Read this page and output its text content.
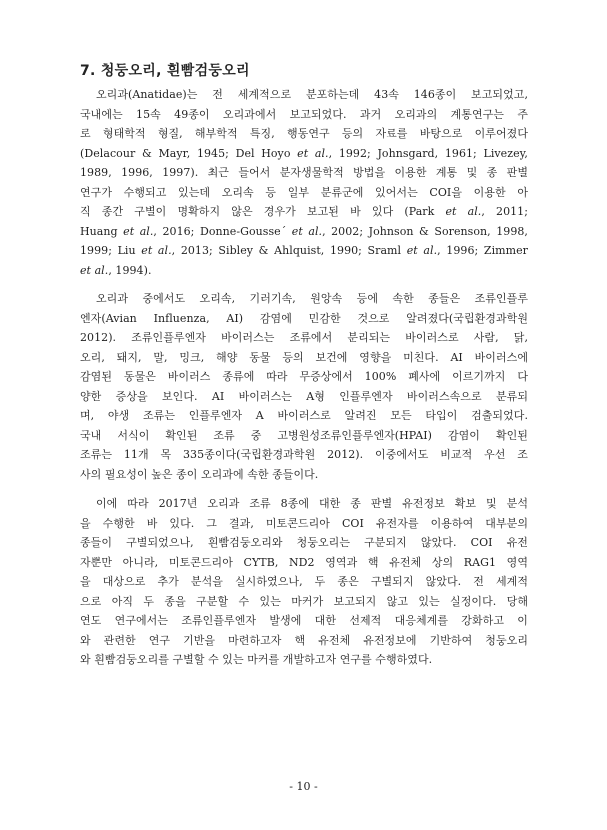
7. 청둥오리, 흰빰검둥오리
오리과(Anatidae)는 전 세계적으로 분포하는데 43속 146종이 보고되었고,
국내에는 15속 49종이 오리과에서 보고되었다. 과거 오리과의 계통연구는 주
로 형태학적 형질, 해부학적 특징, 행동연구 등의 자료를 바탕으로 이루어졌다
(Delacour & Mayr, 1945; Del Hoyo et al., 1992; Johnsgard, 1961; Livezey,
1989, 1996, 1997). 최근 들어서 분자생물학적 방법을 이용한 계통 및 종 판별
연구가 수행되고 있는데 오리속 등 일부 분류군에 있어서는 COI을 이용한 아
직 종간 구별이 명확하지 않은 경우가 보고된 바 있다 (Park et al., 2011;
Huang et al., 2016; Donne-Gousse´ et al., 2002; Johnson & Sorenson, 1998,
1999; Liu et al., 2013; Sibley & Ahlquist, 1990; Sraml et al., 1996; Zimmer
et al., 1994).
오리과 중에서도 오리속, 기러기속, 원앙속 등에 속한 종들은 조류인플루
엔자(Avian Influenza, AI) 감염에 민감한 것으로 알려졌다(국립환경과학원
2012). 조류인플루엔자 바이러스는 조류에서 분리되는 바이러스로 사람, 닭,
오리, 돼지, 말, 밍크, 해양 동물 등의 보건에 영향을 미친다. AI 바이러스에
감염된 동물은 바이러스 종류에 따라 무증상에서 100% 폐사에 이르기까지 다
양한 증상을 보인다. AI 바이러스는 A형 인플루엔자 바이러스속으로 분류되
며, 야생 조류는 인플루엔자 A 바이러스로 알려진 모든 타입이 검출되었다.
국내 서식이 확인된 조류 중 고병원성조류인플루엔자(HPAI) 감염이 확인된
조류는 11개 목 335종이다(국립환경과학원 2012). 이중에서도 비교적 우선 조
사의 필요성이 높은 종이 오리과에 속한 종들이다.
이에 따라 2017년 오리과 조류 8종에 대한 종 판별 유전정보 확보 및 분석
을 수행한 바 있다. 그 결과, 미토콘드리아 COI 유전자를 이용하여 대부분의
종들이 구별되었으나, 흰빰검둥오리와 청둥오리는 구분되지 않았다. COI 유전
자뿐만 아니라, 미토콘드리아 CYTB, ND2 영역과 핵 유전체 상의 RAG1 영역
을 대상으로 추가 분석을 실시하였으나, 두 종은 구별되지 않았다. 전 세계적
으로 아직 두 종을 구분할 수 있는 마커가 보고되지 않고 있는 실정이다. 당해
연도 연구에서는 조류인플루엔자 발생에 대한 선제적 대응체계를 강화하고 이
와 관련한 연구 기반을 마련하고자 핵 유전체 유전정보에 기반하여 청둥오리
와 흰빰검둥오리를 구별할 수 있는 마커를 개발하고자 연구를 수행하였다.
- 10 -
